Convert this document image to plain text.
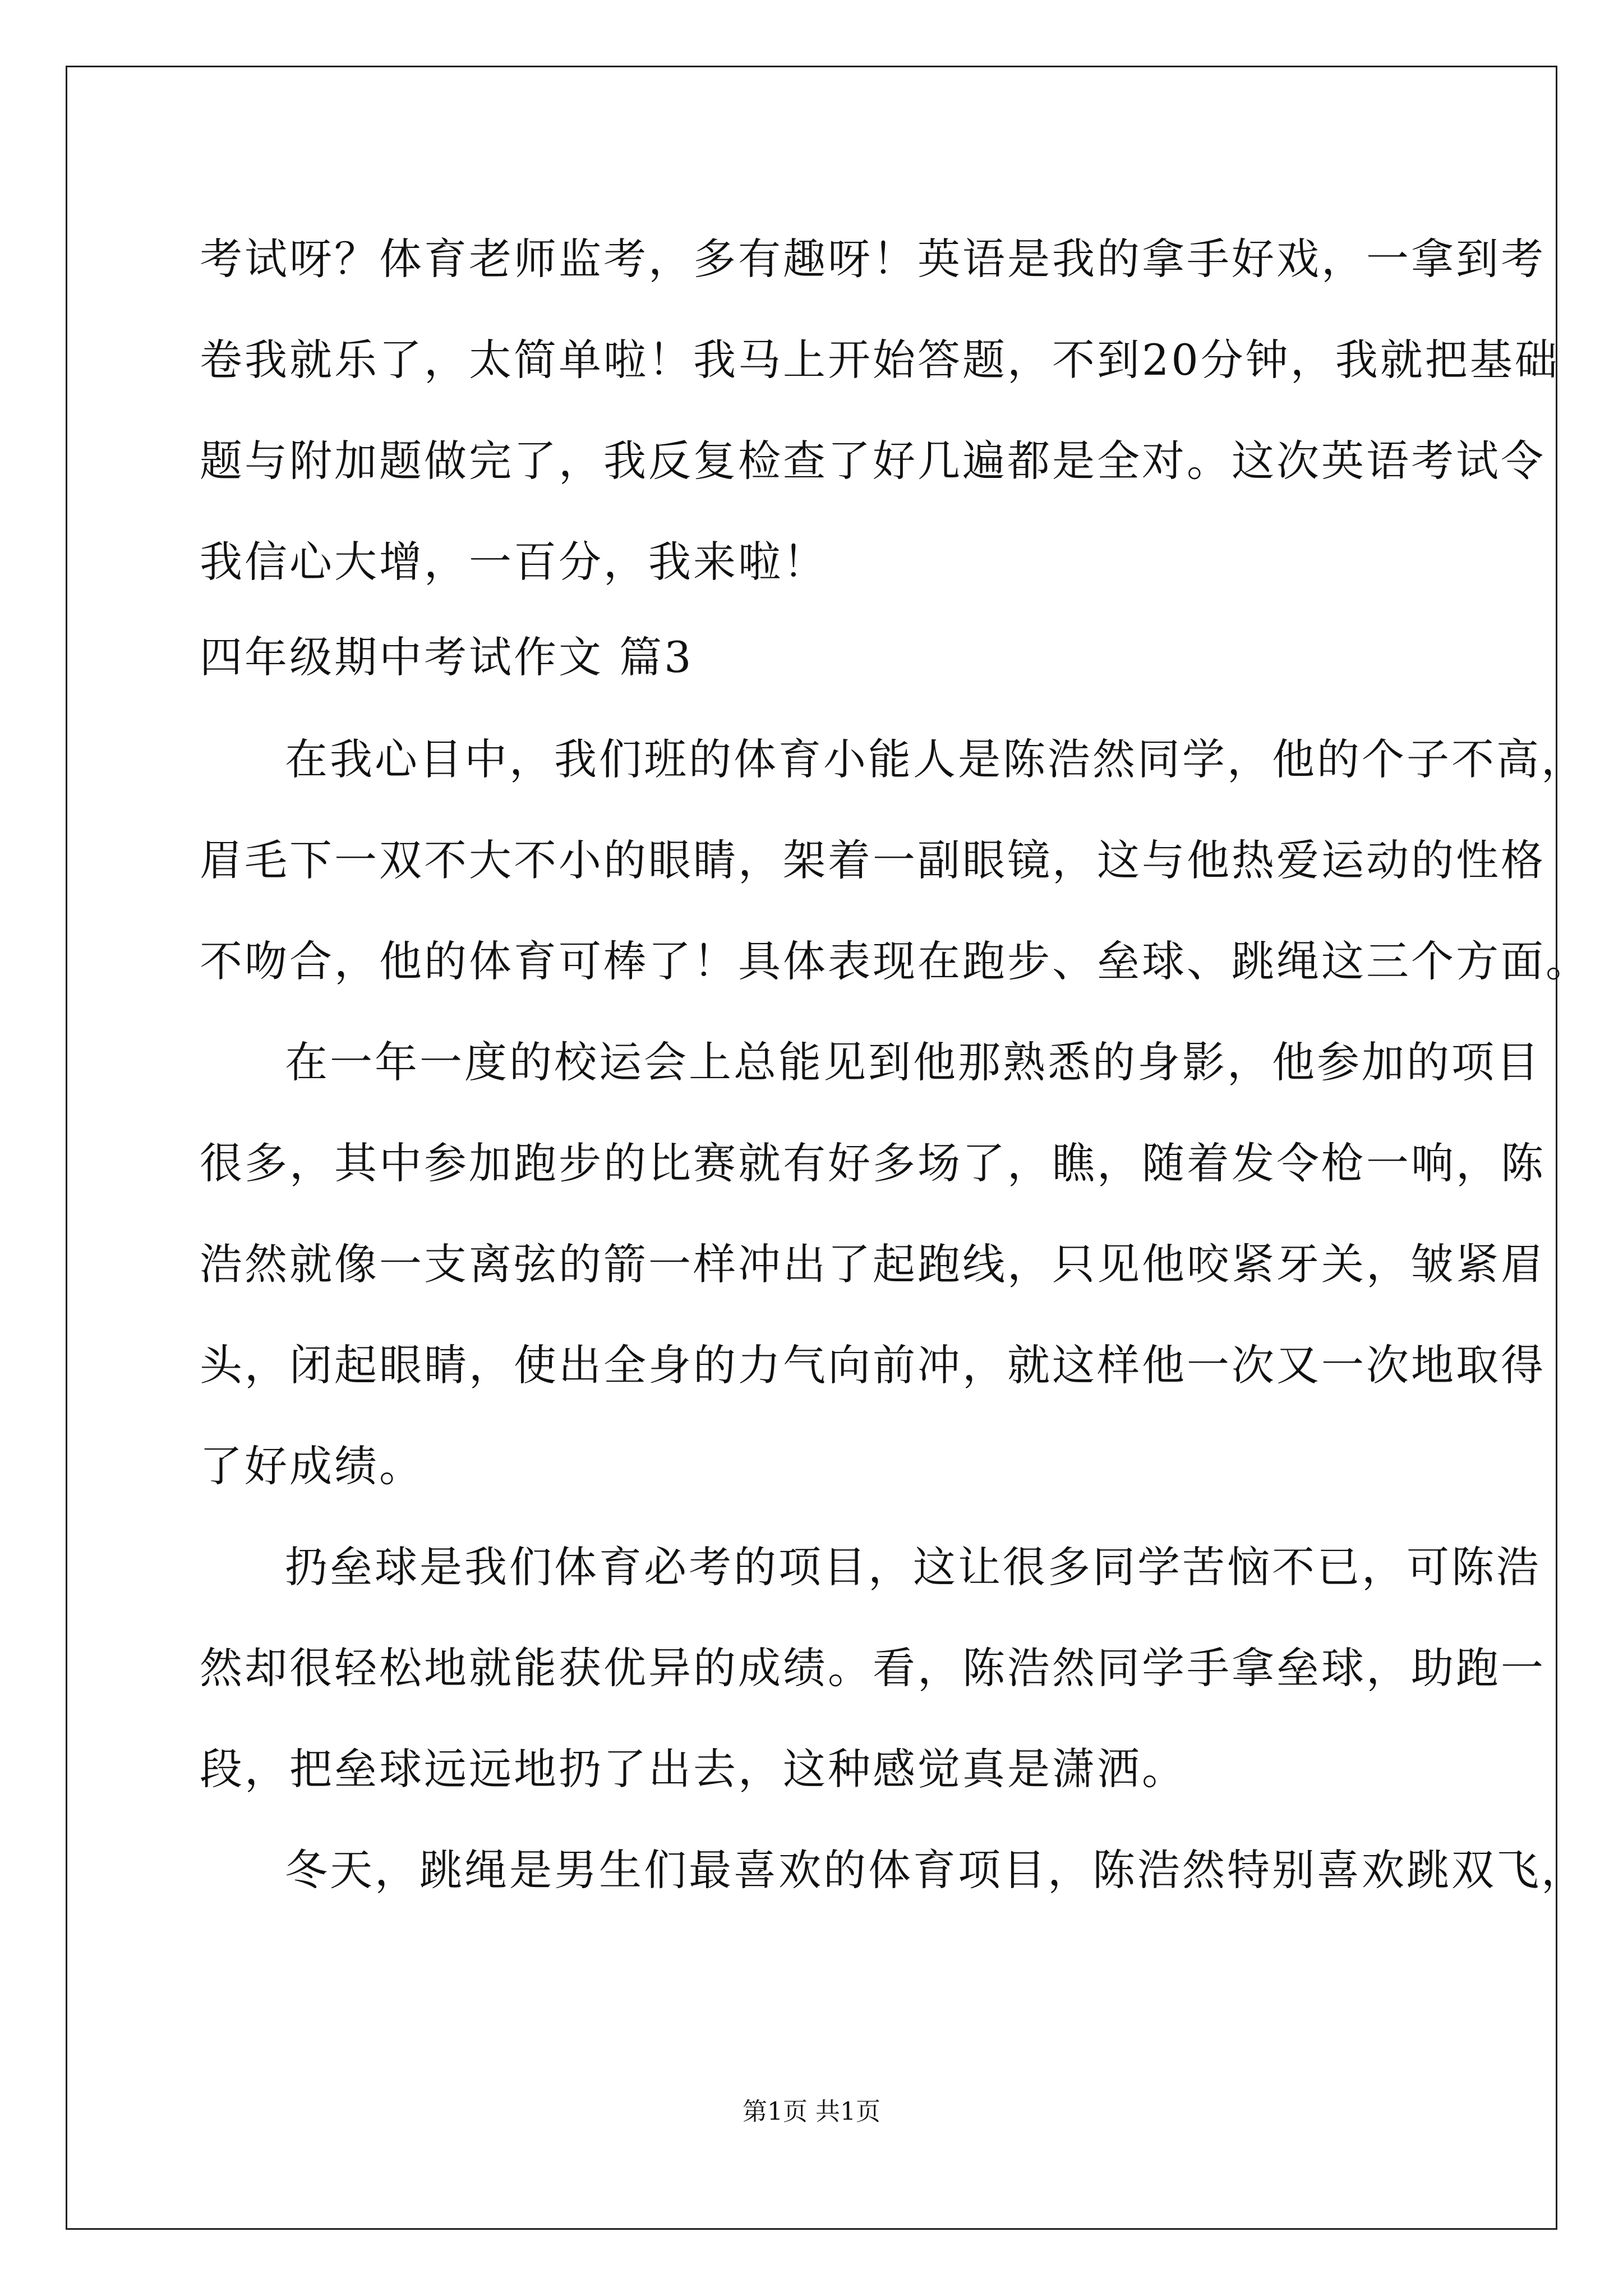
考试呀？体育老师监考，多有趣呀！英语是我的拿手好戏，一拿到考
卷我就乐了，太简单啦！我马上开始答题，不到20分钟，我就把基础
题与附加题做完了，我反复检查了好几遍都是全对。这次英语考试令
我信心大增，一百分，我来啦！
四年级期中考试作文 篇3
在我心目中，我们班的体育小能人是陈浩然同学，他的个子不高，
眉毛下一双不大不小的眼睛，架着一副眼镜，这与他热爱运动的性格
不吻合，他的体育可棒了！具体表现在跑步、垒球、跳绳这三个方面。
在一年一度的校运会上总能见到他那熟悉的身影，他参加的项目
很多，其中参加跑步的比赛就有好多场了，瞧，随着发令枪一响，陈
浩然就像一支离弦的箭一样冲出了起跑线，只见他咬紧牙关，皱紧眉
头，闭起眼睛，使出全身的力气向前冲，就这样他一次又一次地取得
了好成绩。
扔垒球是我们体育必考的项目，这让很多同学苦恼不已，可陈浩
然却很轻松地就能获优异的成绩。看，陈浩然同学手拿垒球，助跑一
段，把垒球远远地扔了出去，这种感觉真是潇洒。
冬天，跳绳是男生们最喜欢的体育项目，陈浩然特别喜欢跳双飞，
第1页 共1页
